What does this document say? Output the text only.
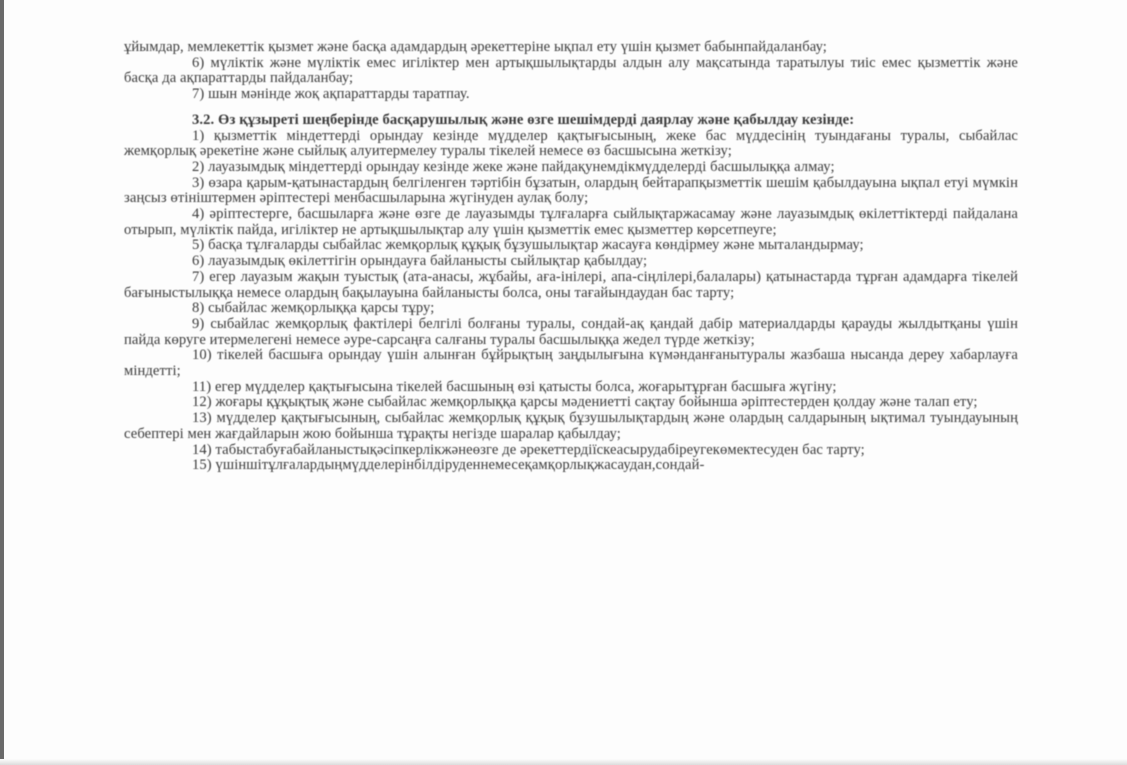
ұйымдар, мемлекеттік қызмет және басқа адамдардың әрекеттеріне ықпал ету үшін қызмет бабынпайдаланбау;

6) мүліктік және мүліктік емес игіліктер мен артықшылықтарды алдын алу мақсатында таратылуы тиіс емес қызметтік және басқа да ақпараттарды пайдаланбау;

7) шын мәнінде жоқ ақпараттарды таратпау.

3.2. Өз құзыреті шеңберінде басқарушылық және өзге шешімдерді даярлау және қабылдау кезінде:

1) қызметтік міндеттерді орындау кезінде мүдделер қақтығысының, жеке бас мүддесінің туындағаны туралы, сыбайлас жемқорлық әрекетіне және сыйлық алуитермелеу туралы тікелей немесе өз басшысына жеткізу;

2) лауазымдық міндеттерді орындау кезінде жеке және пайдақунемдікмүдделерді басшылыққа алмау;

3) өзара қарым-қатынастардың белгіленген тәртібін бұзатын, олардың бейтарапқызметтік шешім қабылдауына ықпал етуі мүмкін заңсыз өтініштермен әріптестері менбасшыларына жүгінуден аулақ болу;

4) әріптестерге, басшыларға және өзге де лауазымды тұлғаларға сыйлықтаржасамау және лауазымдық өкілеттіктерді пайдалана отырып, мүліктік пайда, игіліктер не артықшылықтар алу үшін қызметтік емес қызметтер көрсетпеуге;

5) басқа тұлғаларды сыбайлас жемқорлық құқық бұзушылықтар жасауға көндірмеу және мыталандырмау;

6) лауазымдық өкілеттігін орындауға байланысты сыйлықтар қабылдау;

7) егер лауазым жақын туыстық (ата-анасы, жұбайы, аға-інілері, апа-сіңлілері,балалары) қатынастарда тұрған адамдарға тікелей бағыныстылыққа немесе олардың бақылауына байланысты болса, оны тағайындаудан бас тарту;

8) сыбайлас жемқорлыққа қарсы тұру;

9) сыбайлас жемқорлық фактілері белгілі болғаны туралы, сондай-ақ қандай дабір материалдарды қарауды жылдытқаны үшін пайда көруге итермелегені немесе әуре-сарсаңға салғаны туралы басшылыққа жедел түрде жеткізу;

10) тікелей басшыға орындау үшін алынған бұйрықтың заңдылығына күмәнданғанытуралы жазбаша нысанда дереу хабарлауға міндетті;

11) егер мүдделер қақтығысына тікелей басшының өзі қатысты болса, жоғарытұрған басшыға жүгіну;

12) жоғары құқықтық және сыбайлас жемқорлыққа қарсы мәдениетті сақтау бойынша әріптестерден қолдау және талап ету;

13) мүдделер қақтығысының, сыбайлас жемқорлық құқық бұзушылықтардың және олардың салдарының ықтимал туындауының себептері мен жағдайларын жою бойынша тұрақты негізде шаралар қабылдау;

14) табыстабуғабайланыстықәсіпкерлікжәнеөзге де әрекеттердіїскеасырудабіреугекөмектесуден бас тарту;

15) үшіншітұлғалардыңмүдделерінбілдіруденнемесеқамқорлықжасаудан,сондай-
